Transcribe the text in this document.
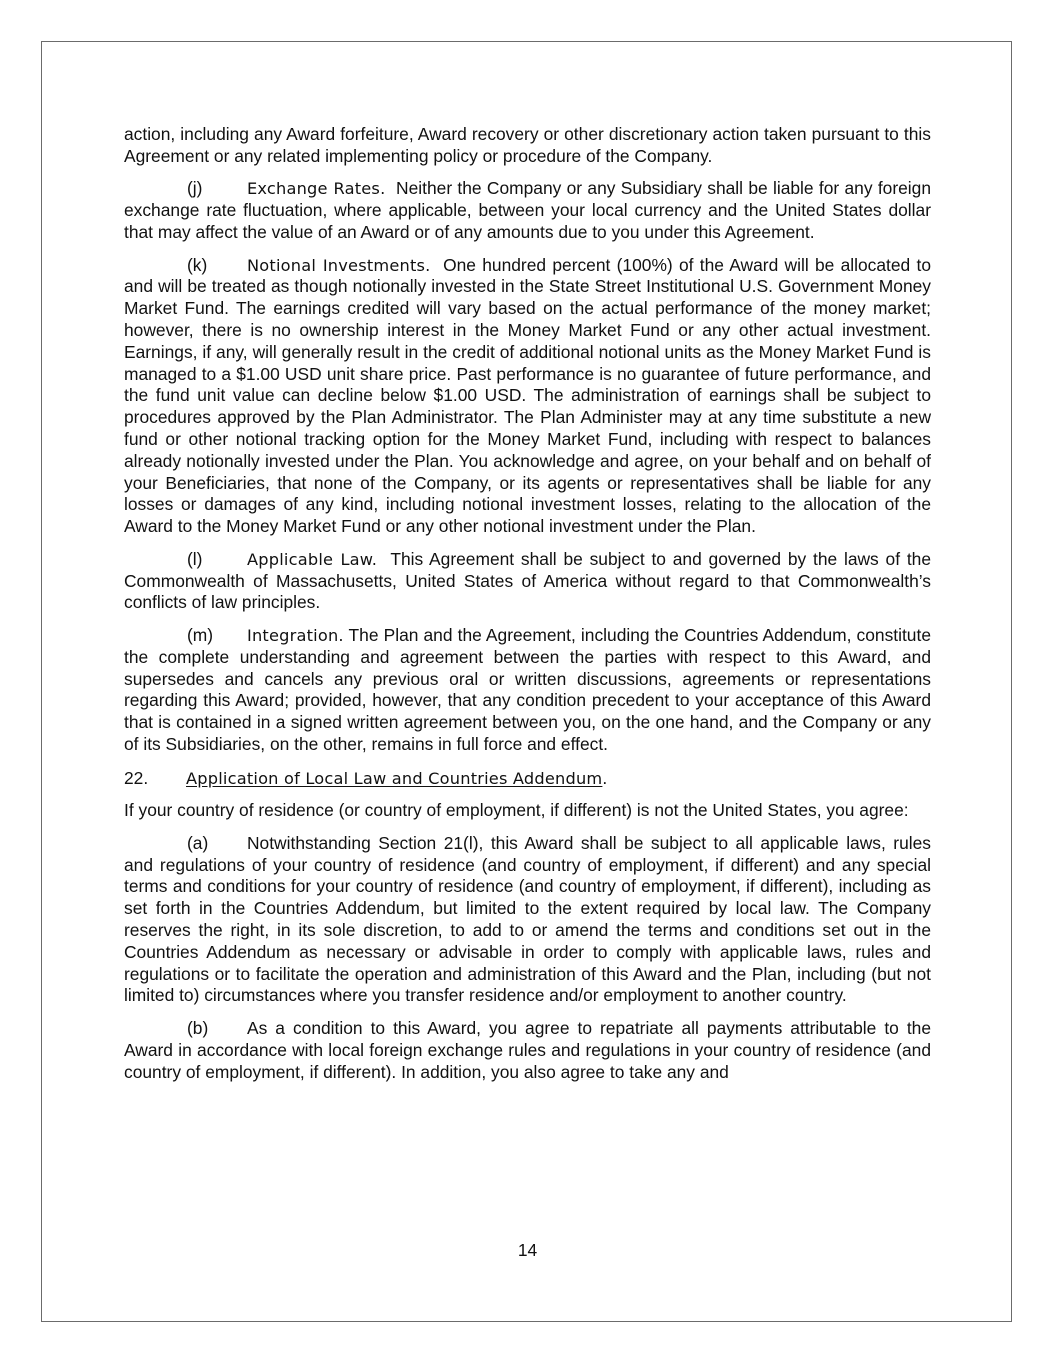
action, including any Award forfeiture, Award recovery or other discretionary action taken pursuant to this Agreement or any related implementing policy or procedure of the Company.

(j)	Exchange Rates. Neither the Company or any Subsidiary shall be liable for any foreign exchange rate fluctuation, where applicable, between your local currency and the United States dollar that may affect the value of an Award or of any amounts due to you under this Agreement.

(k) Notional Investments. One hundred percent (100%) of the Award will be allocated to and will be treated as though notionally invested in the State Street Institutional U.S. Government Money Market Fund. The earnings credited will vary based on the actual performance of the money market; however, there is no ownership interest in the Money Market Fund or any other actual investment. Earnings, if any, will generally result in the credit of additional notional units as the Money Market Fund is managed to a $1.00 USD unit share price. Past performance is no guarantee of future performance, and the fund unit value can decline below $1.00 USD. The administration of earnings shall be subject to procedures approved by the Plan Administrator. The Plan Administer may at any time substitute a new fund or other notional tracking option for the Money Market Fund, including with respect to balances already notionally invested under the Plan. You acknowledge and agree, on your behalf and on behalf of your Beneficiaries, that none of the Company, or its agents or representatives shall be liable for any losses or damages of any kind, including notional investment losses, relating to the allocation of the Award to the Money Market Fund or any other notional investment under the Plan.

(l)	Applicable Law. This Agreement shall be subject to and governed by the laws of the Commonwealth of Massachusetts, United States of America without regard to that Commonwealth’s conflicts of law principles.

(m) Integration. The Plan and the Agreement, including the Countries Addendum, constitute the complete understanding and agreement between the parties with respect to this Award, and supersedes and cancels any previous oral or written discussions, agreements or representations regarding this Award; provided, however, that any condition precedent to your acceptance of this Award that is contained in a signed written agreement between you, on the one hand, and the Company or any of its Subsidiaries, on the other, remains in full force and effect.

22. Application of Local Law and Countries Addendum.

If your country of residence (or country of employment, if different) is not the United States, you agree:

(a) Notwithstanding Section 21(l), this Award shall be subject to all applicable laws, rules and regulations of your country of residence (and country of employment, if different) and any special terms and conditions for your country of residence (and country of employment, if different), including as set forth in the Countries Addendum, but limited to the extent required by local law. The Company reserves the right, in its sole discretion, to add to or amend the terms and conditions set out in the Countries Addendum as necessary or advisable in order to comply with applicable laws, rules and regulations or to facilitate the operation and administration of this Award and the Plan, including (but not limited to) circumstances where you transfer residence and/or employment to another country.

(b) As a condition to this Award, you agree to repatriate all payments attributable to the Award in accordance with local foreign exchange rules and regulations in your country of residence (and country of employment, if different). In addition, you also agree to take any and

14
